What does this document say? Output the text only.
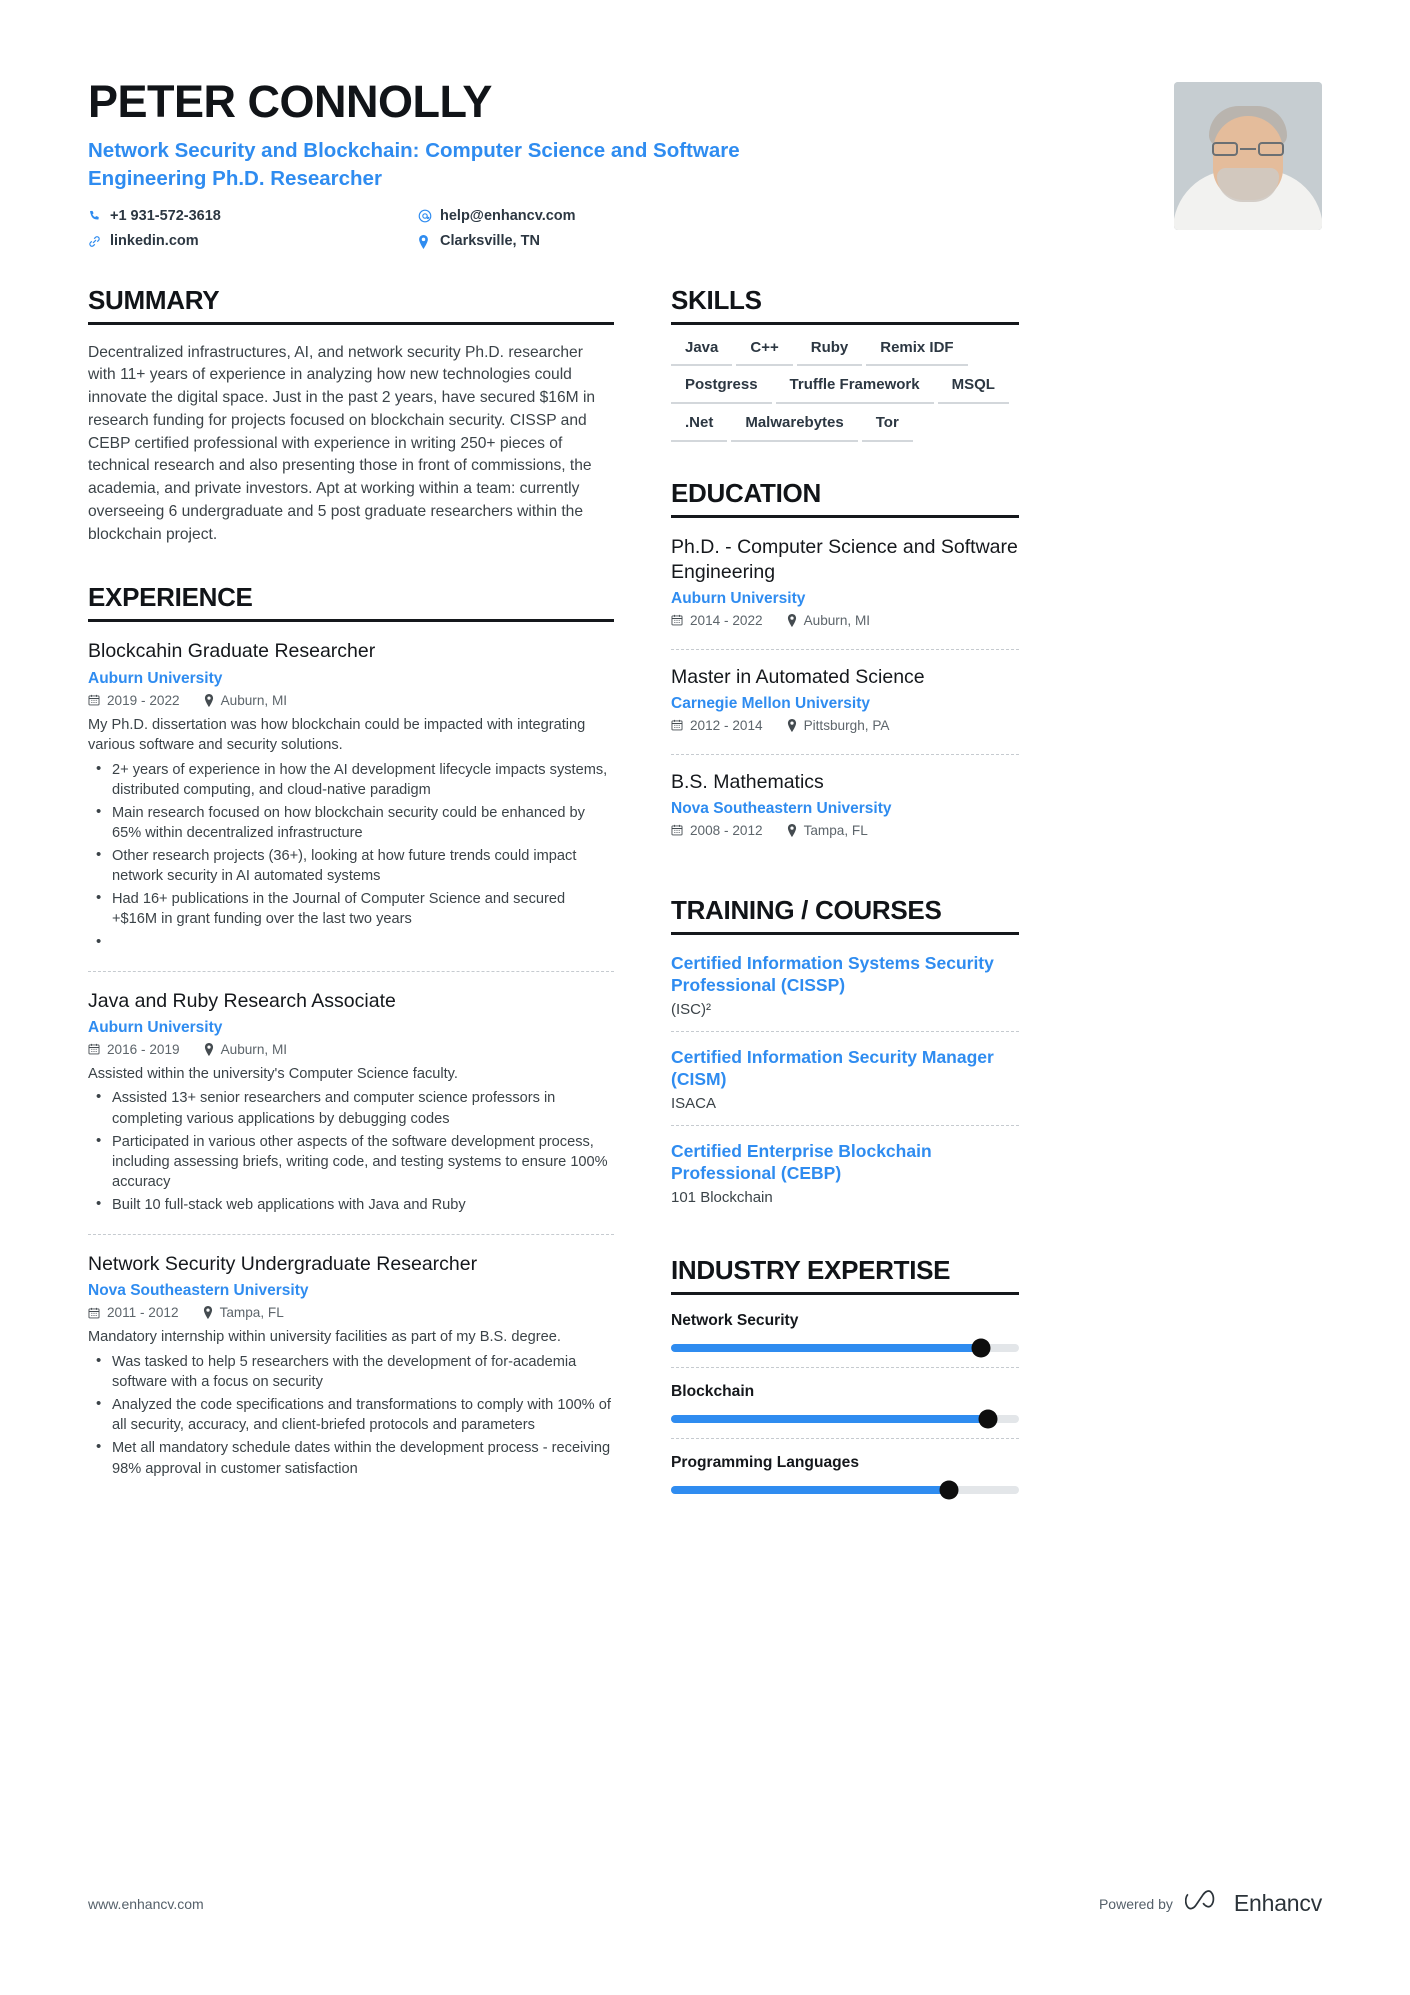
PETER CONNOLLY
Network Security and Blockchain: Computer Science and Software Engineering Ph.D. Researcher
+1 931-572-3618	help@enhancv.com
linkedin.com	Clarksville, TN
SUMMARY
Decentralized infrastructures, AI, and network security Ph.D. researcher with 11+ years of experience in analyzing how new technologies could innovate the digital space. Just in the past 2 years, have secured $16M in research funding for projects focused on blockchain security. CISSP and CEBP certified professional with experience in writing 250+ pieces of technical research and also presenting those in front of commissions, the academia, and private investors. Apt at working within a team: currently overseeing 6 undergraduate and 5 post graduate researchers within the blockchain project.
EXPERIENCE
Blockcahin Graduate Researcher
Auburn University
2019 - 2022	Auburn, MI
My Ph.D. dissertation was how blockchain could be impacted with integrating various software and security solutions.
• 2+ years of experience in how the AI development lifecycle impacts systems, distributed computing, and cloud-native paradigm
• Main research focused on how blockchain security could be enhanced by 65% within decentralized infrastructure
• Other research projects (36+), looking at how future trends could impact network security in AI automated systems
• Had 16+ publications in the Journal of Computer Science and secured +$16M in grant funding over the last two years
•
Java and Ruby Research Associate
Auburn University
2016 - 2019	Auburn, MI
Assisted within the university's Computer Science faculty.
• Assisted 13+ senior researchers and computer science professors in completing various applications by debugging codes
• Participated in various other aspects of the software development process, including assessing briefs, writing code, and testing systems to ensure 100% accuracy
• Built 10 full-stack web applications with Java and Ruby
Network Security Undergraduate Researcher
Nova Southeastern University
2011 - 2012	Tampa, FL
Mandatory internship within university facilities as part of my B.S. degree.
• Was tasked to help 5 researchers with the development of for-academia software with a focus on security
• Analyzed the code specifications and transformations to comply with 100% of all security, accuracy, and client-briefed protocols and parameters
• Met all mandatory schedule dates within the development process - receiving 98% approval in customer satisfaction
SKILLS
Java	C++	Ruby	Remix IDF
Postgress	Truffle Framework	MSQL
.Net	Malwarebytes	Tor
EDUCATION
Ph.D. - Computer Science and Software Engineering
Auburn University
2014 - 2022	Auburn, MI
Master in Automated Science
Carnegie Mellon University
2012 - 2014	Pittsburgh, PA
B.S. Mathematics
Nova Southeastern University
2008 - 2012	Tampa, FL
TRAINING / COURSES
Certified Information Systems Security Professional (CISSP)
(ISC)²
Certified Information Security Manager (CISM)
ISACA
Certified Enterprise Blockchain Professional (CEBP)
101 Blockchain
INDUSTRY EXPERTISE
Network Security
Blockchain
Programming Languages
www.enhancv.com	Powered by	Enhancv
